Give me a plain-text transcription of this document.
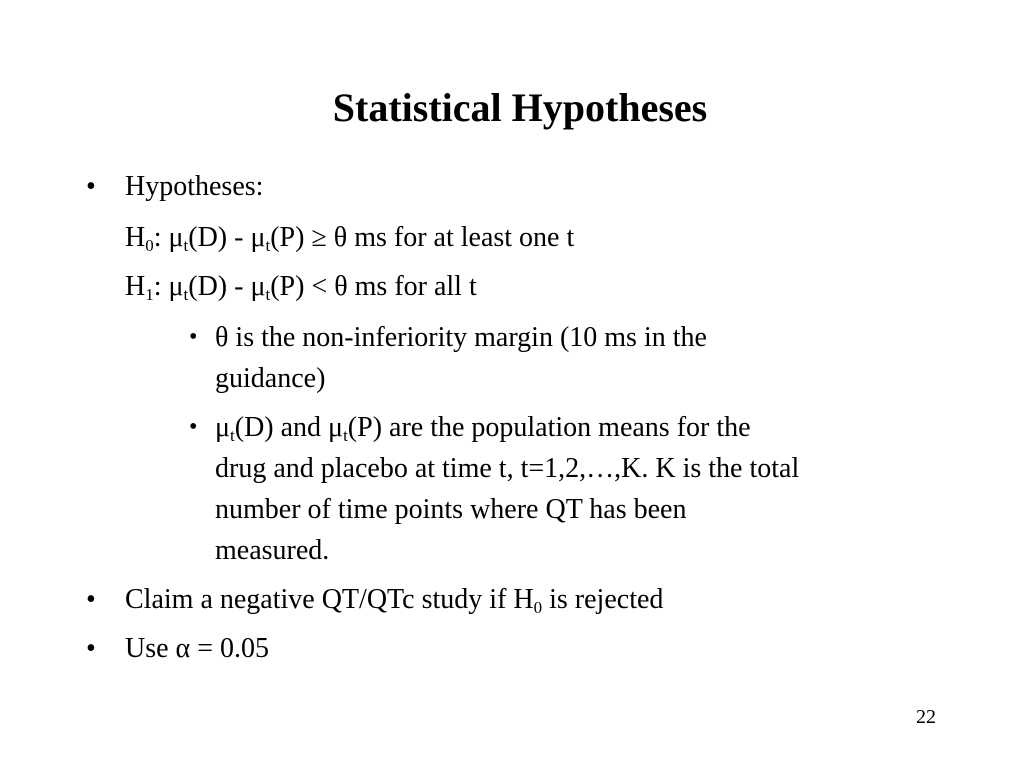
Statistical Hypotheses
• Hypotheses:
$H_0$: $\mu_t(D) - \mu_t(P) \ge \theta$ ms for at least one t
$H_1$: $\mu_t(D) - \mu_t(P) < \theta$ ms for all t
• θ is the non-inferiority margin (10 ms in the
guidance)
• $\mu_t(D)$ and $\mu_t(P)$ are the population means for the
drug and placebo at time t, t=1,2,…,K. K is the total
number of time points where QT has been
measured.
• Claim a negative QT/QTc study if $H_0$ is rejected
• Use α = 0.05
22
